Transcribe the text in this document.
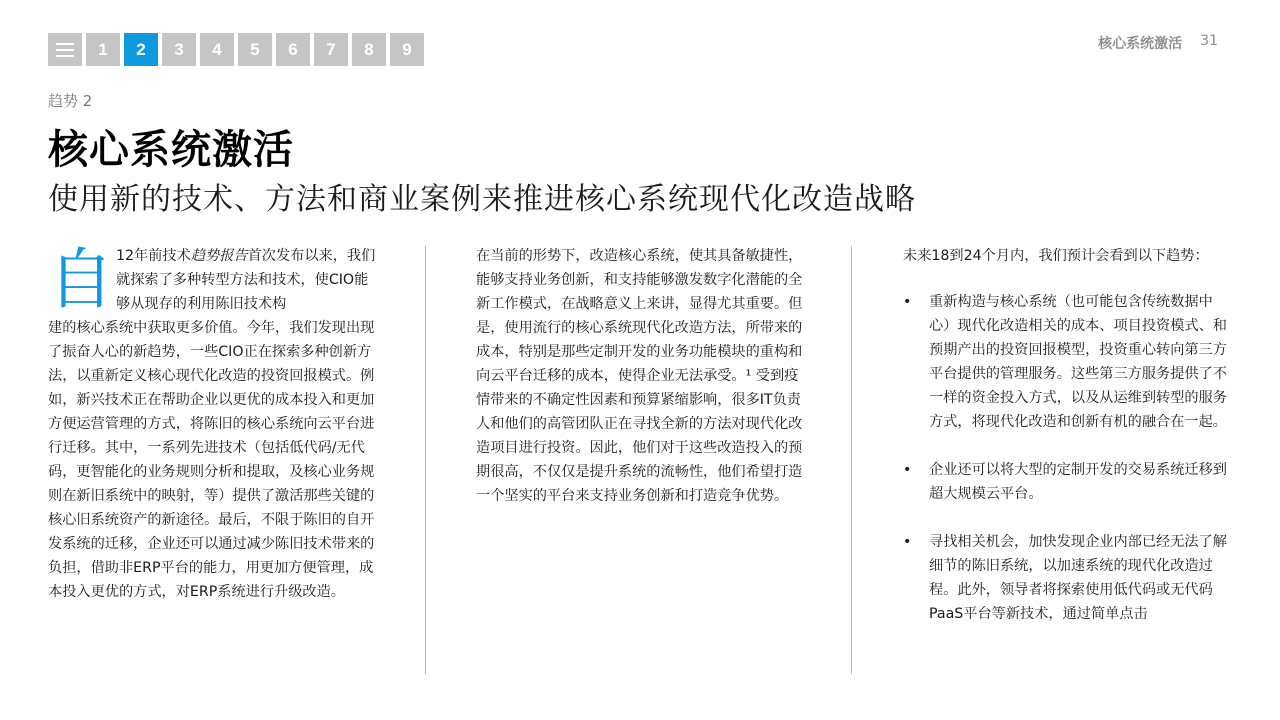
1	2	3	4	5	6	7	8	9	核心系统激活 31
趋势 2
核心系统激活
使用新的技术、方法和商业案例来推进核心系统现代化改造战略
自 12年前技术趋势报告首次发布以来，我们就探索了多种转型方法和技术，使CIO能够从现存的利用陈旧技术构
建的核心系统中获取更多价值。今年，我们发现出现了振奋人心的新趋势，一些CIO正在探索多种创新方法，以重新定义核心现代化改造的投资回报模式。例如，新兴技术正在帮助企业以更优的成本投入和更加方便运营管理的方式，将陈旧的核心系统向云平台进行迁移。其中，一系列先进技术（包括低代码/无代码，更智能化的业务规则分析和提取，及核心业务规则在新旧系统中的映射，等）提供了激活那些关键的核心旧系统资产的新途径。最后，不限于陈旧的自开发系统的迁移，企业还可以通过减少陈旧技术带来的负担，借助非ERP平台的能力，用更加方便管理，成本投入更优的方式，对ERP系统进行升级改造。
在当前的形势下，改造核心系统，使其具备敏捷性，能够支持业务创新，和支持能够激发数字化潜能的全新工作模式，在战略意义上来讲，显得尤其重要。但是，使用流行的核心系统现代化改造方法，所带来的成本，特别是那些定制开发的业务功能模块的重构和向云平台迁移的成本，使得企业无法承受。¹ 受到疫情带来的不确定性因素和预算紧缩影响，很多IT负责人和他们的高管团队正在寻找全新的方法对现代化改造项目进行投资。因此，他们对于这些改造投入的预期很高，不仅仅是提升系统的流畅性，他们希望打造一个坚实的平台来支持业务创新和打造竞争优势。
未来18到24个月内，我们预计会看到以下趋势：
• 重新构造与核心系统（也可能包含传统数据中心）现代化改造相关的成本、项目投资模式、和预期产出的投资回报模型，投资重心转向第三方平台提供的管理服务。这些第三方服务提供了不一样的资金投入方式，以及从运维到转型的服务方式，将现代化改造和创新有机的融合在一起。
• 企业还可以将大型的定制开发的交易系统迁移到超大规模云平台。
• 寻找相关机会，加快发现企业内部已经无法了解细节的陈旧系统，以加速系统的现代化改造过程。此外，领导者将探索使用低代码或无代码PaaS平台等新技术，通过简单点击
